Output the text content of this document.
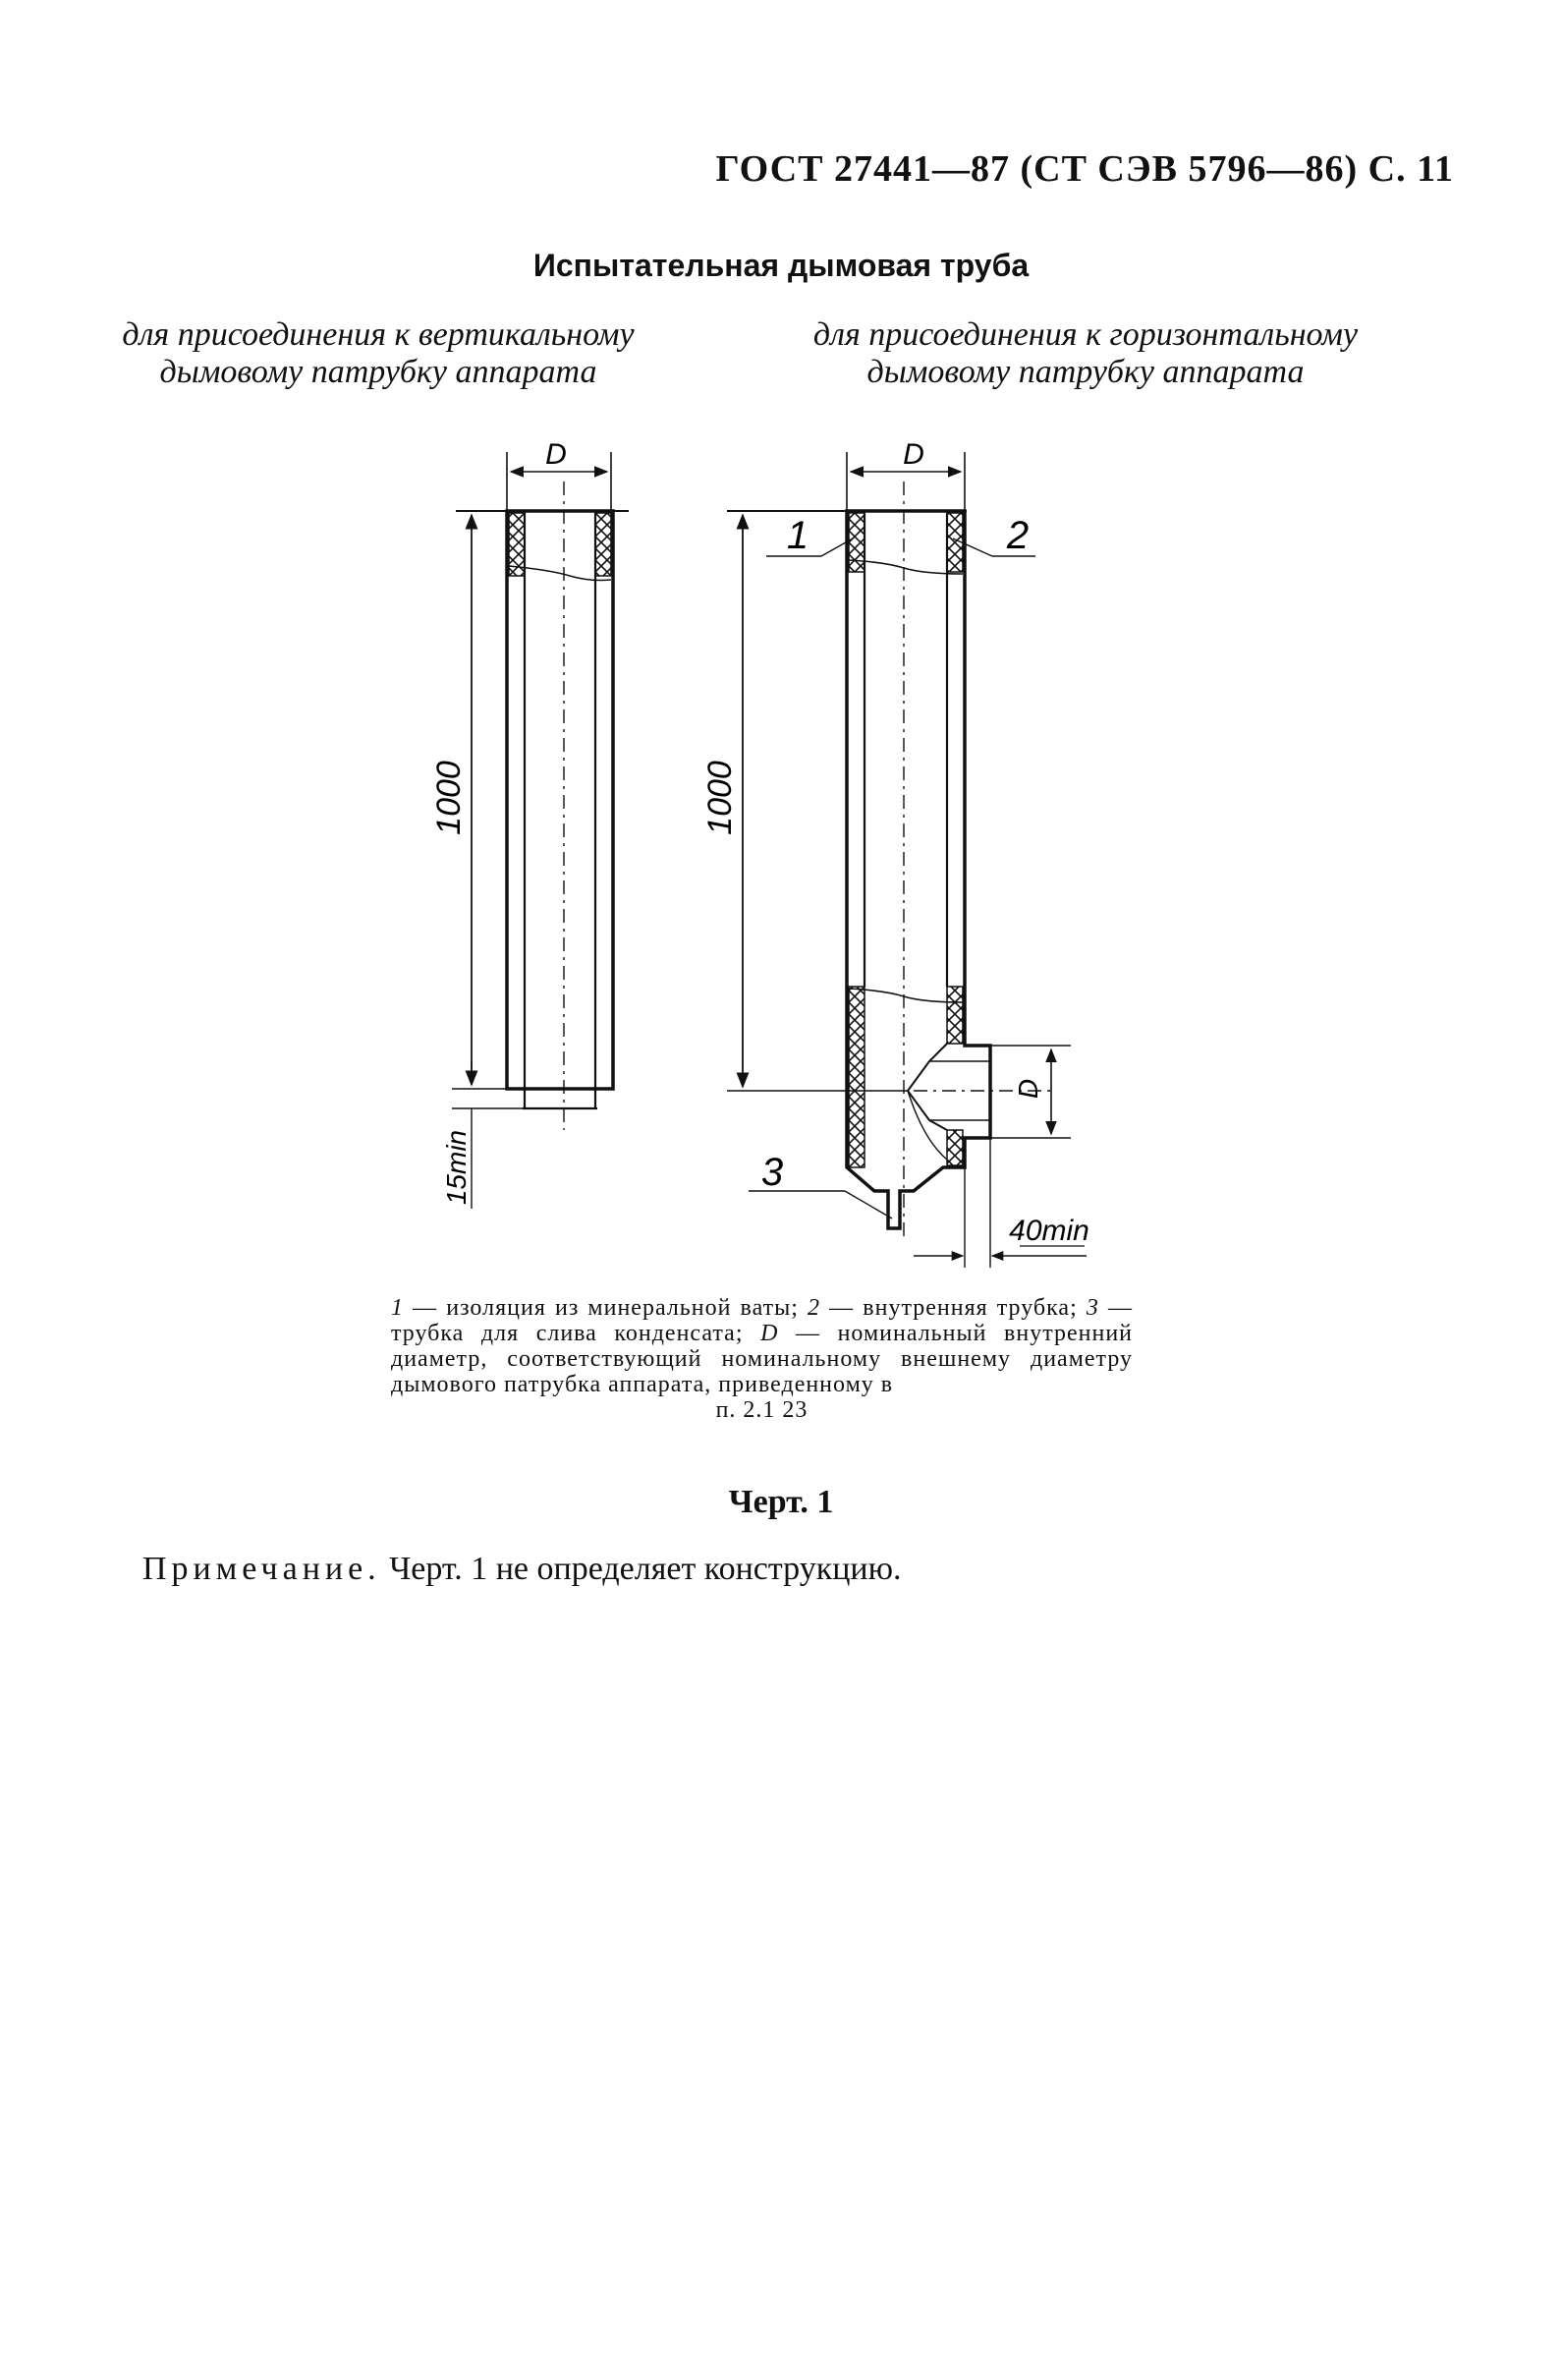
ГОСТ 27441—87 (СТ СЭВ 5796—86) С. 11
Испытательная дымовая труба
для присоединения к вертикальному
дымовому патрубку аппарата
для присоединения к горизонтальному
дымовому патрубку аппарата
15min
D
1000
D
1000
D
40min
1	2
3
1 — изоляция из минеральной ваты; 2 — внутренняя трубка; 3 — трубка для слива конденсата; D — номинальный внутренний диаметр, соответствующий номинальному внешнему диаметру дымового патрубка аппарата, приведенному в
п. 2.1 23
Черт. 1
Примечание. Черт. 1 не определяет конструкцию.
